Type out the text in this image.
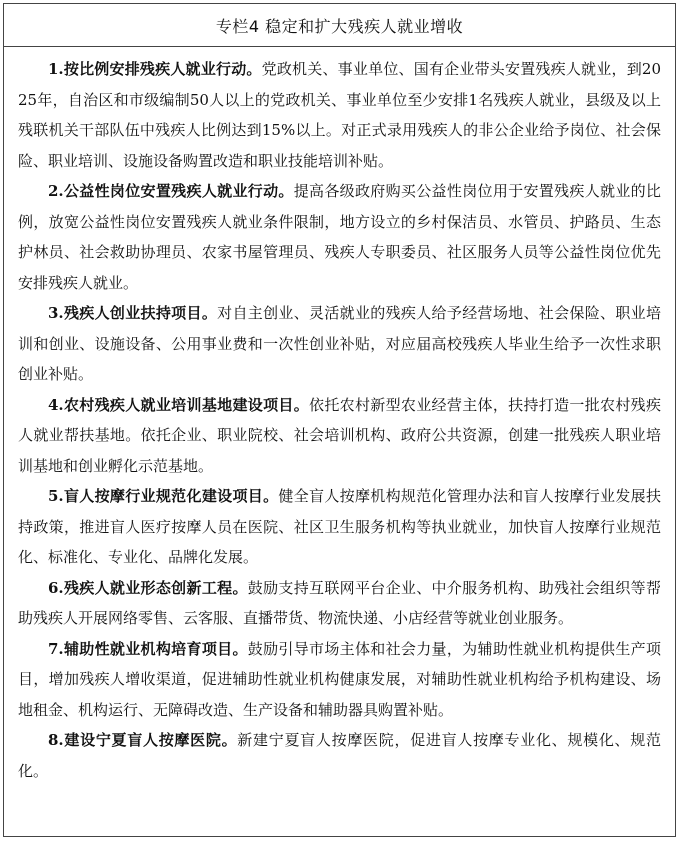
专栏4 稳定和扩大残疾人就业增收

1.按比例安排残疾人就业行动。党政机关、事业单位、国有企业带头安置残疾人就业，到2025年，自治区和市级编制50人以上的党政机关、事业单位至少安排1名残疾人就业，县级及以上残联机关干部队伍中残疾人比例达到15%以上。对正式录用残疾人的非公企业给予岗位、社会保险、职业培训、设施设备购置改造和职业技能培训补贴。

2.公益性岗位安置残疾人就业行动。提高各级政府购买公益性岗位用于安置残疾人就业的比例，放宽公益性岗位安置残疾人就业条件限制，地方设立的乡村保洁员、水管员、护路员、生态护林员、社会救助协理员、农家书屋管理员、残疾人专职委员、社区服务人员等公益性岗位优先安排残疾人就业。

3.残疾人创业扶持项目。对自主创业、灵活就业的残疾人给予经营场地、社会保险、职业培训和创业、设施设备、公用事业费和一次性创业补贴，对应届高校残疾人毕业生给予一次性求职创业补贴。

4.农村残疾人就业培训基地建设项目。依托农村新型农业经营主体，扶持打造一批农村残疾人就业帮扶基地。依托企业、职业院校、社会培训机构、政府公共资源，创建一批残疾人职业培训基地和创业孵化示范基地。

5.盲人按摩行业规范化建设项目。健全盲人按摩机构规范化管理办法和盲人按摩行业发展扶持政策，推进盲人医疗按摩人员在医院、社区卫生服务机构等执业就业，加快盲人按摩行业规范化、标准化、专业化、品牌化发展。

6.残疾人就业形态创新工程。鼓励支持互联网平台企业、中介服务机构、助残社会组织等帮助残疾人开展网络零售、云客服、直播带货、物流快递、小店经营等就业创业服务。

7.辅助性就业机构培育项目。鼓励引导市场主体和社会力量，为辅助性就业机构提供生产项目，增加残疾人增收渠道，促进辅助性就业机构健康发展，对辅助性就业机构给予机构建设、场地租金、机构运行、无障碍改造、生产设备和辅助器具购置补贴。

8.建设宁夏盲人按摩医院。新建宁夏盲人按摩医院，促进盲人按摩专业化、规模化、规范化。
